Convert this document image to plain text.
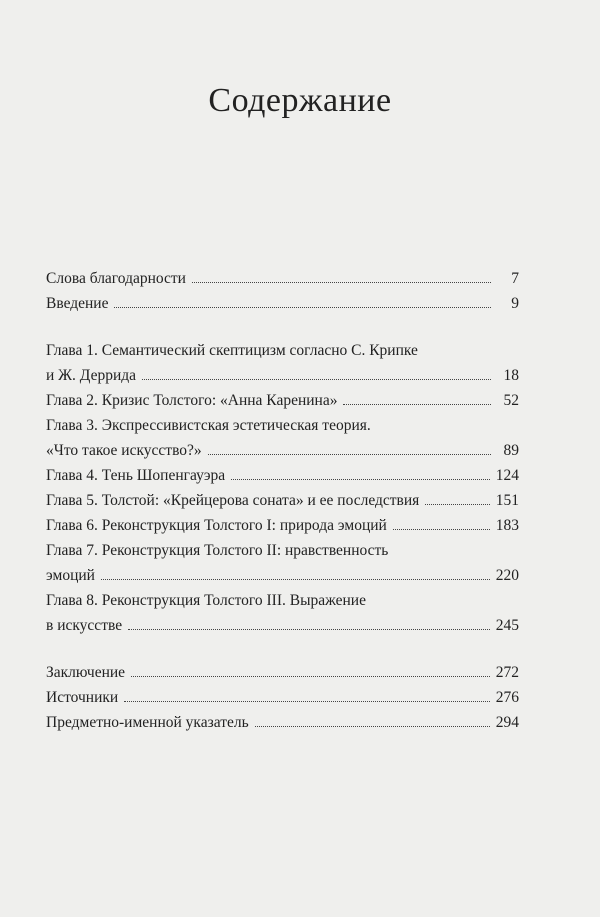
Содержание
Слова благодарности	7
Введение	9
Глава 1. Семантический скептицизм согласно С. Крипке
и Ж. Деррида	18
Глава 2. Кризис Толстого: «Анна Каренина»	52
Глава 3. Экспрессивистская эстетическая теория.
«Что такое искусство?»	89
Глава 4. Тень Шопенгауэра	124
Глава 5. Толстой: «Крейцерова соната» и ее последствия	151
Глава 6. Реконструкция Толстого I: природа эмоций	183
Глава 7. Реконструкция Толстого II: нравственность
эмоций	220
Глава 8. Реконструкция Толстого III. Выражение
в искусстве	245
Заключение	272
Источники	276
Предметно-именной указатель	294
